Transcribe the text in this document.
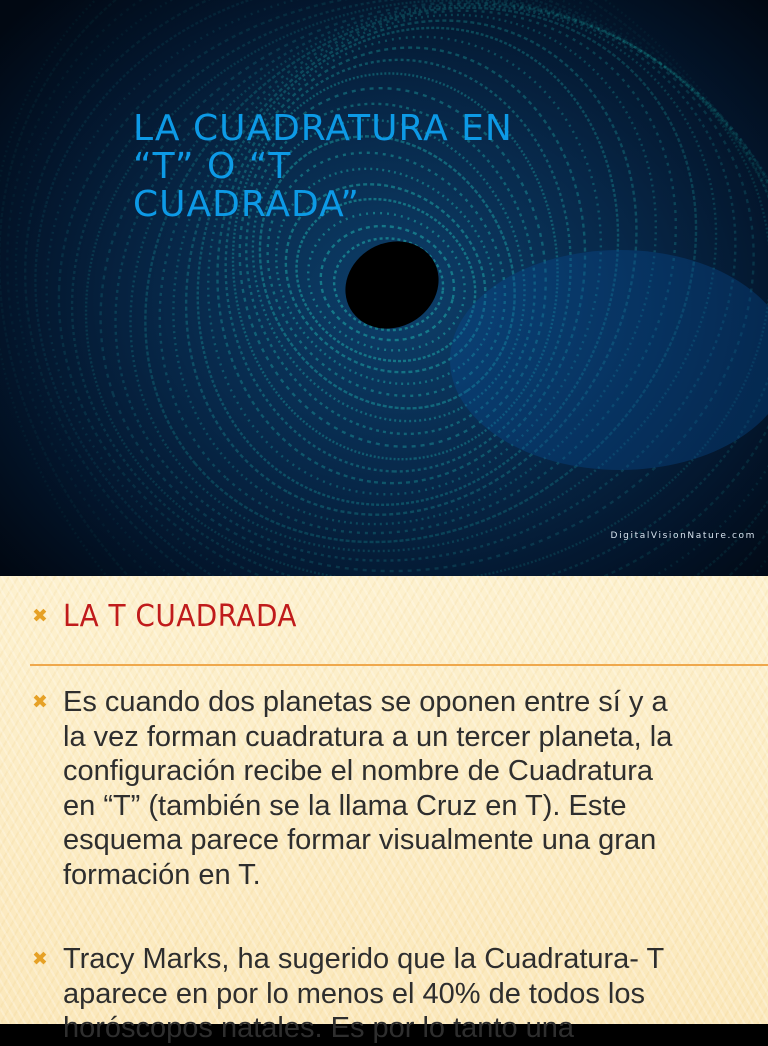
LA CUADRATURA EN
“T” O “T
CUADRADA”
DigitalVisionNature.com
✖ LA T CUADRADA
✖ Es cuando dos planetas se oponen entre sí y a
la vez forman cuadratura a un tercer planeta, la
configuración recibe el nombre de Cuadratura
en “T” (también se la llama Cruz en T). Este
esquema parece formar visualmente una gran
formación en T.

✖ Tracy Marks, ha sugerido que la Cuadratura- T
aparece en por lo menos el 40% de todos los
horóscopos natales. Es por lo tanto una
